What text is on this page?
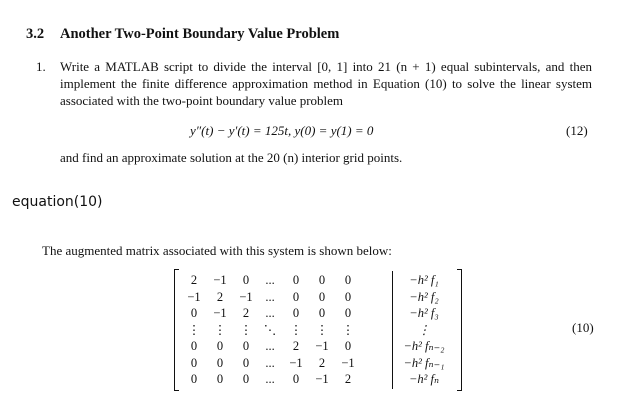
3.2 Another Two-Point Boundary Value Problem
1. Write a MATLAB script to divide the interval [0, 1] into 21 (n + 1) equal subintervals, and then implement the finite difference approximation method in Equation (10) to solve the linear system associated with the two-point boundary value problem
y″(t) − y′(t) = 125t, y(0) = y(1) = 0	(12)
and find an approximate solution at the 20 (n) interior grid points.
equation(10)
The augmented matrix associated with this system is shown below:
2	−1	0	...	0	0	0	−h² f₁
−1	2	−1	...	0	0	0	−h² f₂
0	−1	2	...	0	0	0	−h² f₃
⋮	⋮	⋮ ⋱	⋮	⋮	⋮	⋮
0	0	0	...	2	−1	0	−h² fₙ₋₂
0	0	0	...	−1	2	−1	−h² fₙ₋₁
0	0	0	...	0	−1	2	−h² fₙ
(10)
